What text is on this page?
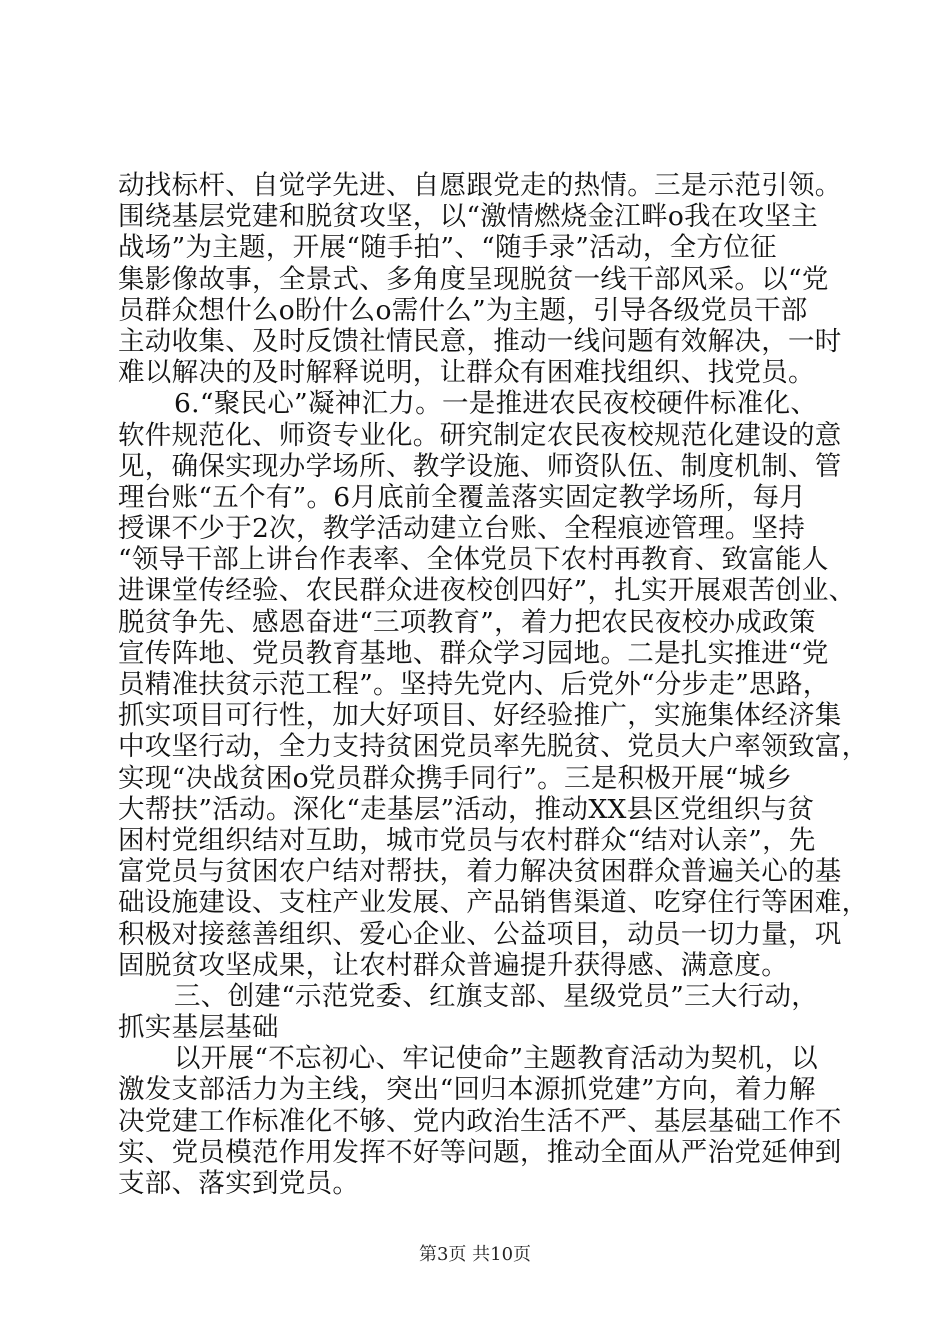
动找标杆、自觉学先进、自愿跟党走的热情。三是示范引领。
围绕基层党建和脱贫攻坚，以“激情燃烧金江畔o我在攻坚主
战场”为主题，开展“随手拍”、“随手录”活动，全方位征
集影像故事，全景式、多角度呈现脱贫一线干部风采。以“党
员群众想什么o盼什么o需什么”为主题，引导各级党员干部
主动收集、及时反馈社情民意，推动一线问题有效解决，一时
难以解决的及时解释说明，让群众有困难找组织、找党员。
6.“聚民心”凝神汇力。一是推进农民夜校硬件标准化、
软件规范化、师资专业化。研究制定农民夜校规范化建设的意
见，确保实现办学场所、教学设施、师资队伍、制度机制、管
理台账“五个有”。6月底前全覆盖落实固定教学场所，每月
授课不少于2次，教学活动建立台账、全程痕迹管理。坚持
“领导干部上讲台作表率、全体党员下农村再教育、致富能人
进课堂传经验、农民群众进夜校创四好”，扎实开展艰苦创业、
脱贫争先、感恩奋进“三项教育”，着力把农民夜校办成政策
宣传阵地、党员教育基地、群众学习园地。二是扎实推进“党
员精准扶贫示范工程”。坚持先党内、后党外“分步走”思路，
抓实项目可行性，加大好项目、好经验推广，实施集体经济集
中攻坚行动，全力支持贫困党员率先脱贫、党员大户率领致富，
实现“决战贫困o党员群众携手同行”。三是积极开展“城乡
大帮扶”活动。深化“走基层”活动，推动XX县区党组织与贫
困村党组织结对互助，城市党员与农村群众“结对认亲”，先
富党员与贫困农户结对帮扶，着力解决贫困群众普遍关心的基
础设施建设、支柱产业发展、产品销售渠道、吃穿住行等困难，
积极对接慈善组织、爱心企业、公益项目，动员一切力量，巩
固脱贫攻坚成果，让农村群众普遍提升获得感、满意度。
三、创建“示范党委、红旗支部、星级党员”三大行动，
抓实基层基础
以开展“不忘初心、牢记使命”主题教育活动为契机，以
激发支部活力为主线，突出“回归本源抓党建”方向，着力解
决党建工作标准化不够、党内政治生活不严、基层基础工作不
实、党员模范作用发挥不好等问题，推动全面从严治党延伸到
支部、落实到党员。
第3页 共10页
